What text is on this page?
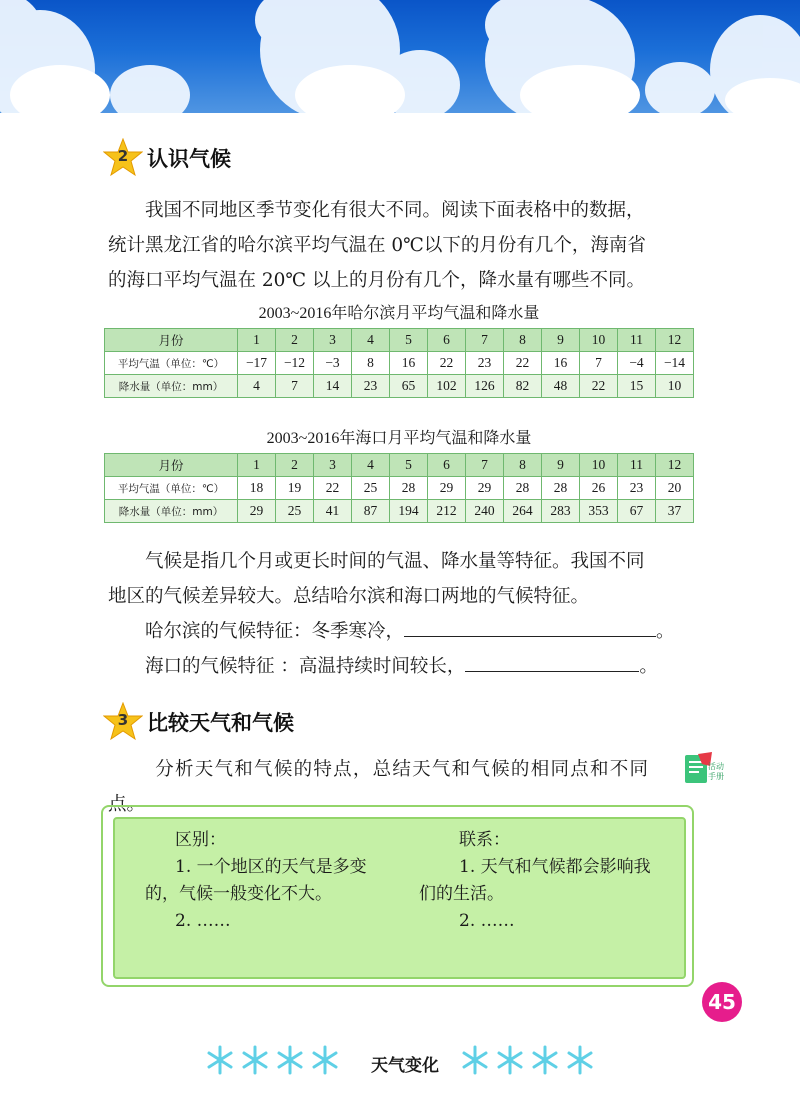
2 认识气候
我国不同地区季节变化有很大不同。阅读下面表格中的数据，
统计黑龙江省的哈尔滨平均气温在 0℃以下的月份有几个，海南省
的海口平均气温在 20℃ 以上的月份有几个，降水量有哪些不同。
2003~2016年哈尔滨月平均气温和降水量
月份	1	2	3	4	5	6	7	8	9	10	11	12
平均气温（单位：℃）	−17	−12	−3	8	16	22	23	22	16	7	−4	−14
降水量（单位：mm）	4	7	14	23	65	102	126	82	48	22	15	10
2003~2016年海口月平均气温和降水量
月份	1	2	3	4	5	6	7	8	9	10	11	12
平均气温（单位：℃）	18	19	22	25	28	29	29	28	28	26	23	20
降水量（单位：mm）	29	25	41	87	194	212	240	264	283	353	67	37
气候是指几个月或更长时间的气温、降水量等特征。我国不同
地区的气候差异较大。总结哈尔滨和海口两地的气候特征。
哈尔滨的气候特征：冬季寒冷，	。
海口的气候特征 ：高温持续时间较长，	。
3 比较天气和气候
分析天气和气候的特点，总结天气和气候的相同点和不同点。
活动
手册
区别：
1. 一个地区的天气是多变
的，气候一般变化不大。
2. ……
联系：
1. 天气和气候都会影响我
们的生活。
2. ……
45
天气变化
